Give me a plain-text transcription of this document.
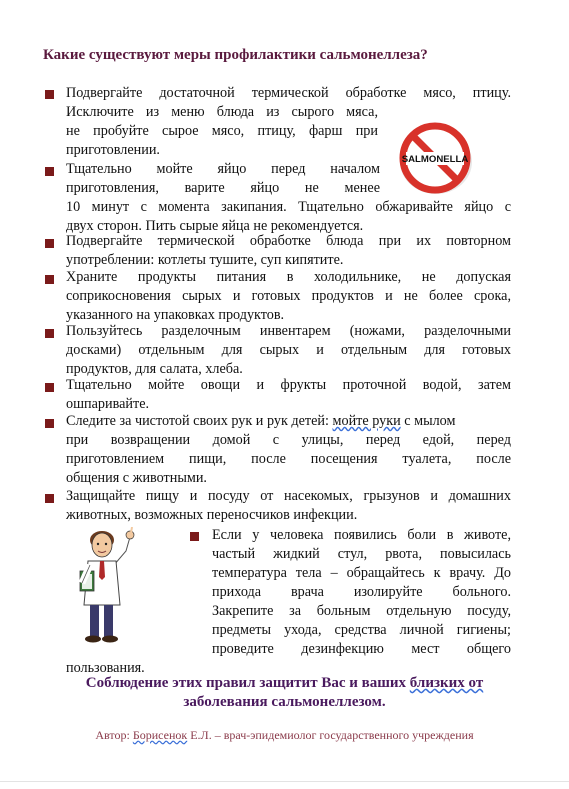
Какие существуют меры профилактики сальмонеллеза?
Подвергайте достаточной термической обработке мясо, птицу.
Исключите из меню блюда из сырого мяса,
не пробуйте сырое мясо, птицу, фарш при
приготовлении.
Тщательно мойте яйцо перед началом
приготовления, варите яйцо не менее
10 минут с момента закипания. Тщательно обжаривайте яйцо с
двух сторон. Пить сырые яйца не рекомендуется.
Подвергайте термической обработке блюда при их повторном
употреблении: котлеты тушите, суп кипятите.
Храните продукты питания в холодильнике, не допуская
соприкосновения сырых и готовых продуктов и не более срока,
указанного на упаковках продуктов.
Пользуйтесь разделочным инвентарем (ножами, разделочными
досками) отдельным для сырых и отдельным для готовых
продуктов, для салата, хлеба.
Тщательно мойте овощи и фрукты проточной водой, затем
ошпаривайте.
Следите за чистотой своих рук и рук детей: мойте руки с мылом
при возвращении домой с улицы, перед едой, перед
приготовлением пищи, после посещения туалета, после
общения с животными.
Защищайте пищу и посуду от насекомых, грызунов и домашних
животных, возможных переносчиков инфекции.
Если у человека появились боли в животе,
частый жидкий стул, рвота, повысилась
температура тела – обращайтесь к врачу. До
прихода врача изолируйте больного.
Закрепите за больным отдельную посуду,
предметы ухода, средства личной гигиены;
проведите дезинфекцию мест общего
пользования.
SALMONELLA
Соблюдение этих правил защитит Вас и ваших близких от
заболевания сальмонеллезом.
Автор: Борисенок Е.Л. – врач-эпидемиолог государственного учреждения
